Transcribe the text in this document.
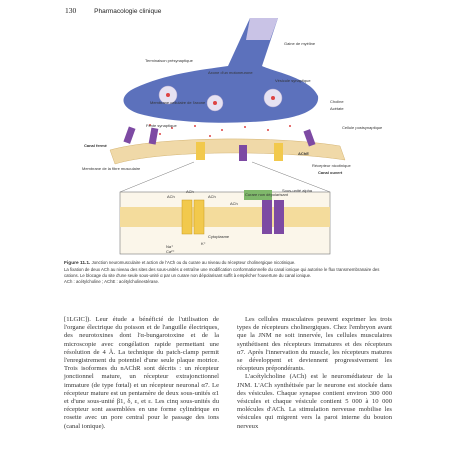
130	Pharmacologie clinique
Gaine de myéline
Terminaison présynaptique
Axone d'un motoneurone
Vésicule synaptique
Membrane cellulaire de l'axone	Choline
Acétate
Fente synaptique	Cellule postsynaptique
Canal fermé
Membrane de la fibre musculaire
AChE
Récepteur nicotinique
Canal ouvert
ACh	ACh
ACh
ACh
Na⁺
Ca²⁺
K⁺
Cytoplasme
Curare non dépolarisant
Sous-unité alpha
Figure 11.1. Jonction neuromusculaire et action de l'ACh ou du curare au niveau du récepteur cholinergique nicotinique.
La fixation de deux ACh au niveau des sites des sous-unités α entraîne une modification conformationnelle du canal ionique qui autorise le flux transmembranaire des cations. Le blocage du site d'une seule sous-unité α par un curare non dépolarisant suffit à empêcher l'ouverture du canal ionique.
ACh : acétylcholine ; AChE : acétylcholinestérase.

[1LGIC]). Leur étude a bénéficié de l'utilisation de l'organe électrique du poisson et de l'anguille électriques, des neurotoxines dont l'α-bungarotoxine et de la microscopie avec congélation rapide permettant une résolution de 4 Å. La technique du patch-clamp permit l'enregistrement du potentiel d'une seule plaque motrice. Trois isoformes du nAChR sont décrits : un récepteur jonctionnel mature, un récepteur extrajonctionnel immature (de type fœtal) et un récepteur neuronal α7. Le récepteur mature est un pentamère de deux sous-unités α1 et d'une sous-unité β1, δ, ε, et ε. Les cinq sous-unités du récepteur sont assemblées en une forme cylindrique en rosette avec un pore central pour le passage des ions (canal ionique).

Les cellules musculaires peuvent exprimer les trois types de récepteurs cholinergiques. Chez l'embryon avant que la JNM ne soit innervée, les cellules musculaires synthétisent des récepteurs immatures et des récepteurs α7. Après l'innervation du muscle, les récepteurs matures se développent et deviennent progressivement les récepteurs prépondérants.

L'acétylcholine (ACh) est le neuromédiateur de la JNM. L'ACh synthétisée par le neurone est stockée dans des vésicules. Chaque synapse contient environ 300 000 vésicules et chaque vésicule contient 5 000 à 10 000 molécules d'ACh. La stimulation nerveuse mobilise les vésicules qui migrent vers la paroi interne du bouton nerveux
